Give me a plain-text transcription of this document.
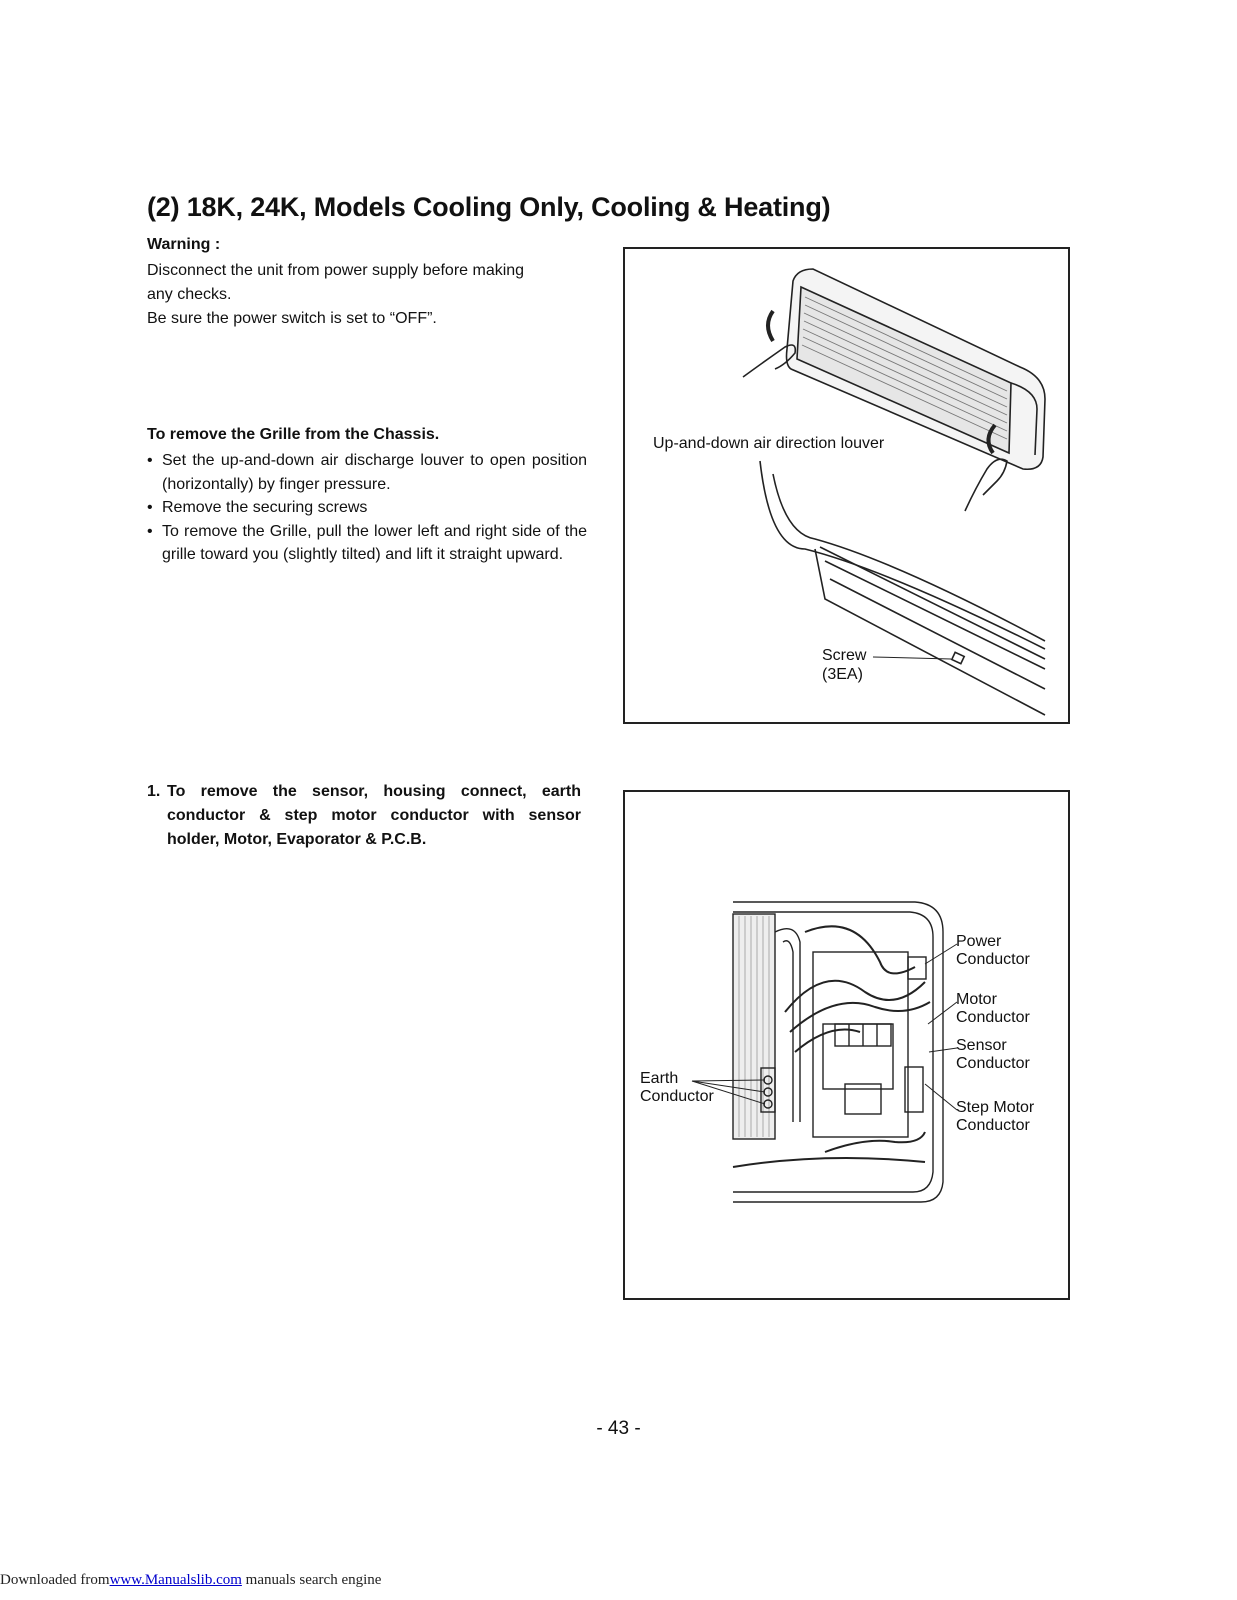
(2) 18K, 24K, Models Cooling Only, Cooling & Heating)
Warning :
Disconnect the unit from power supply before making
any checks.
Be sure the power switch is set to “OFF”.
To remove the Grille from the Chassis.
• Set the up-and-down air discharge louver to open position (horizontally) by finger pressure.
• Remove the securing screws
• To remove the Grille, pull the lower left and right side of the grille toward you (slightly tilted) and lift it straight upward.
Up-and-down air direction louver
Screw
(3EA)
1. To remove the sensor, housing connect, earth conductor & step motor conductor with sensor holder, Motor, Evaporator & P.C.B.
Power
Conductor
Motor
Conductor
Sensor
Conductor
Step Motor
Conductor
Earth
Conductor
- 43 -
Downloaded fromwww.Manualslib.com manuals search engine
